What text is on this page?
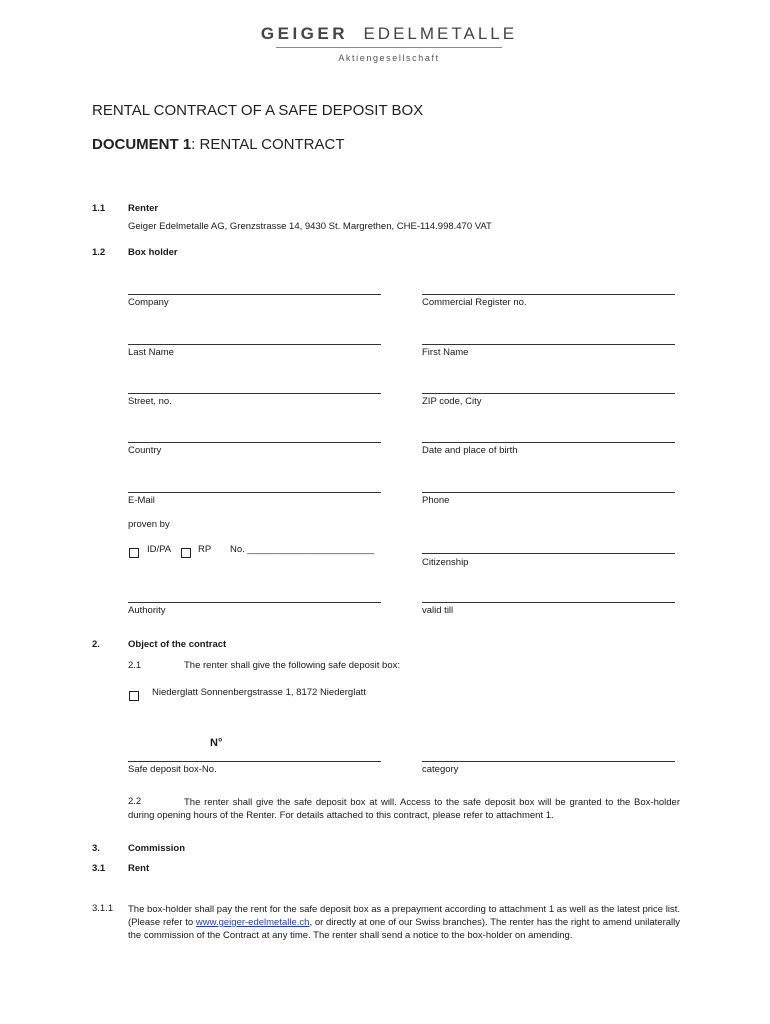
GEIGER EDELMETALLE
Aktiengesellschaft
RENTAL CONTRACT OF A SAFE DEPOSIT BOX
DOCUMENT 1: RENTAL CONTRACT
1.1 Renter
Geiger Edelmetalle AG, Grenzstrasse 14, 9430 St. Margrethen, CHE-114.998.470 VAT
1.2 Box holder
Company	Commercial Register no.
Last Name	First Name
Street, no.	ZIP code, City
Country	Date and place of birth
E-Mail	Phone
proven by
ID/PA	RP No. ________________________
Citizenship
Authority	valid till
2.	Object of the contract
2.1	The renter shall give the following safe deposit box:
Niederglatt Sonnenbergstrasse 1, 8172 Niederglatt
N°
Safe deposit box-No.	category
2.2	The renter shall give the safe deposit box at will. Access to the safe deposit box will be granted to the Box-holder during opening hours of the Renter. For details attached to this contract, please refer to attachment 1.
3.	Commission
3.1 Rent
3.1.1 The box-holder shall pay the rent for the safe deposit box as a prepayment according to attachment 1 as well as the latest price list. (Please refer to www.geiger-edelmetalle.ch, or directly at one of our Swiss branches). The renter has the right to amend unilaterally the commission of the Contract at any time. The renter shall send a notice to the box-holder on amending.
